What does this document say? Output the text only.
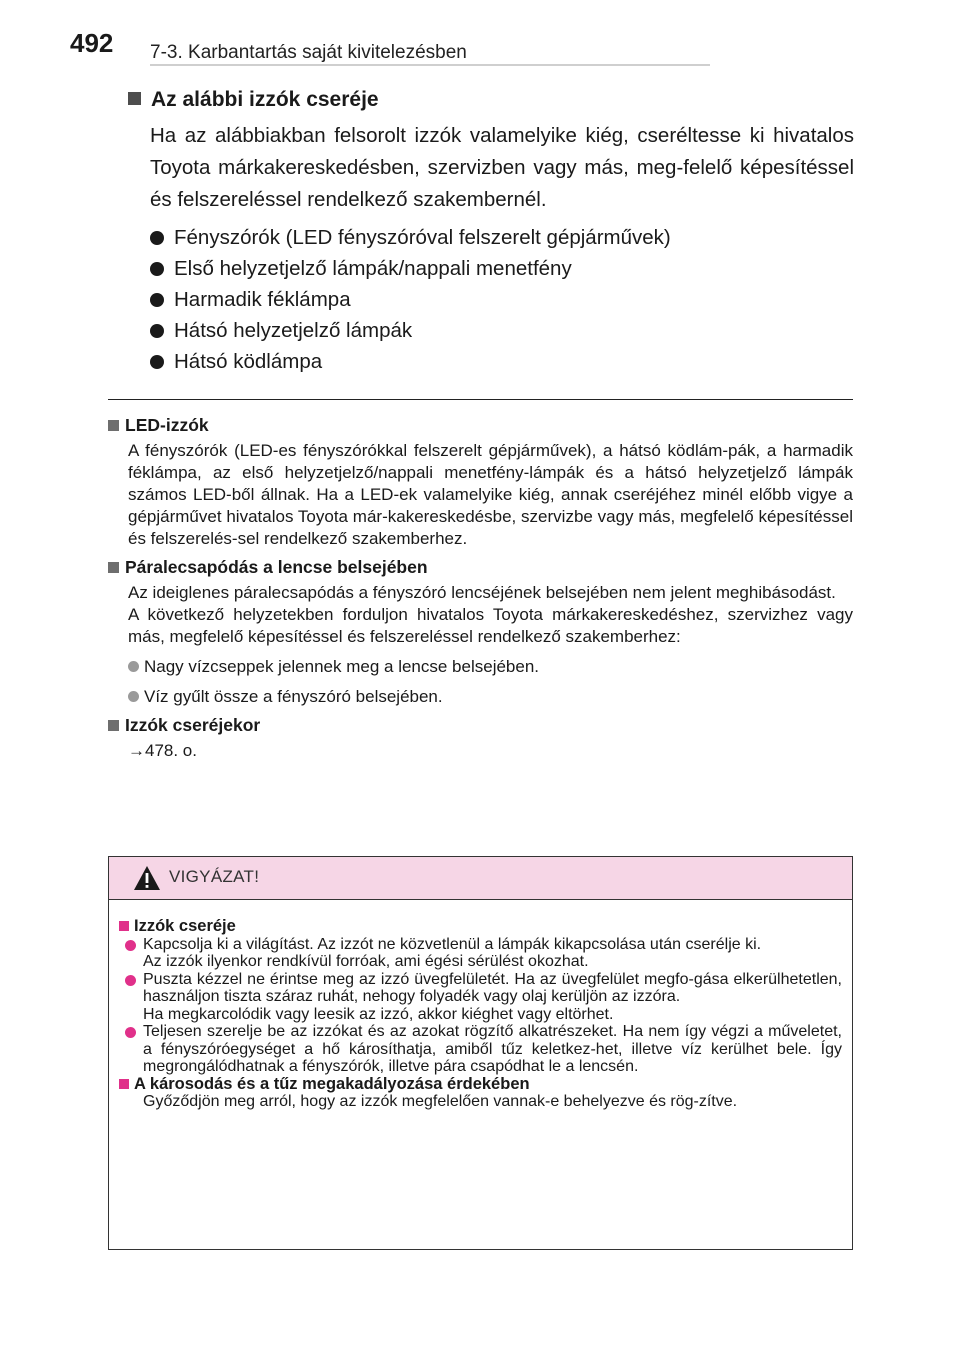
492 7-3. Karbantartás saját kivitelezésben
Az alábbi izzók cseréje
Ha az alábbiakban felsorolt izzók valamelyike kiég, cseréltesse ki hivatalos Toyota márkakereskedésben, szervizben vagy más, meg-felelő képesítéssel és felszereléssel rendelkező szakembernél.
Fényszórók (LED fényszóróval felszerelt gépjárművek)
Első helyzetjelző lámpák/nappali menetfény
Harmadik féklámpa
Hátsó helyzetjelző lámpák
Hátsó ködlámpa
LED-izzók
A fényszórók (LED-es fényszórókkal felszerelt gépjárművek), a hátsó ködlám-pák, a harmadik féklámpa, az első helyzetjelző/nappali menetfény-lámpák és a hátsó helyzetjelző lámpák számos LED-ből állnak. Ha a LED-ek valamelyike kiég, annak cseréjéhez minél előbb vigye a gépjárművet hivatalos Toyota már-kakereskedésbe, szervizbe vagy más, megfelelő képesítéssel és felszerelés-sel rendelkező szakemberhez.
Páralecsapódás a lencse belsejében
Az ideiglenes páralecsapódás a fényszóró lencséjének belsejében nem jelent meghibásodást.
A következő helyzetekben forduljon hivatalos Toyota márkakereskedéshez, szervizhez vagy más, megfelelő képesítéssel és felszereléssel rendelkező szakemberhez:
Nagy vízcseppek jelennek meg a lencse belsejében.
Víz gyűlt össze a fényszóró belsejében.
Izzók cseréjekor
→478. o.
VIGYÁZAT!
Izzók cseréje
Kapcsolja ki a világítást. Az izzót ne közvetlenül a lámpák kikapcsolása után cserélje ki.
Az izzók ilyenkor rendkívül forróak, ami égési sérülést okozhat.
Puszta kézzel ne érintse meg az izzó üvegfelületét. Ha az üvegfelület megfo-gása elkerülhetetlen, használjon tiszta száraz ruhát, nehogy folyadék vagy olaj kerüljön az izzóra.
Ha megkarcolódik vagy leesik az izzó, akkor kiéghet vagy eltörhet.
Teljesen szerelje be az izzókat és az azokat rögzítő alkatrészeket. Ha nem így végzi a műveletet, a fényszóróegységet a hő károsíthatja, amiből tűz keletkez-het, illetve víz kerülhet bele. Így megrongálódhatnak a fényszórók, illetve pára csapódhat le a lencsén.
A károsodás és a tűz megakadályozása érdekében
Győződjön meg arról, hogy az izzók megfelelően vannak-e behelyezve és rög-zítve.
